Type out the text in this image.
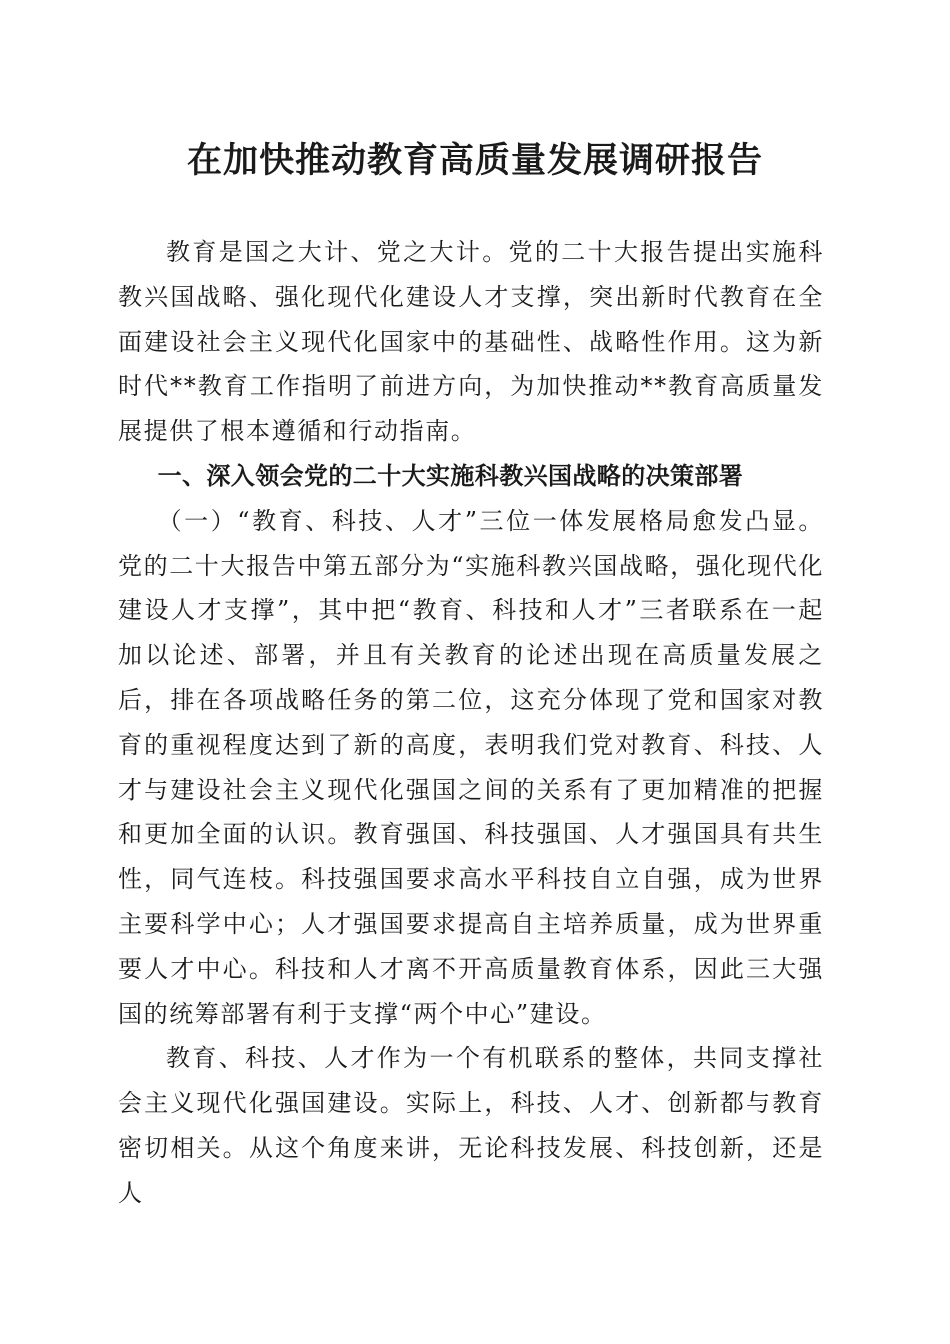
在加快推动教育高质量发展调研报告

教育是国之大计、党之大计。党的二十大报告提出实施科教兴国战略、强化现代化建设人才支撑，突出新时代教育在全面建设社会主义现代化国家中的基础性、战略性作用。这为新时代**教育工作指明了前进方向，为加快推动**教育高质量发展提供了根本遵循和行动指南。

一、深入领会党的二十大实施科教兴国战略的决策部署

（一）“教育、科技、人才”三位一体发展格局愈发凸显。党的二十大报告中第五部分为“实施科教兴国战略，强化现代化建设人才支撑”，其中把“教育、科技和人才”三者联系在一起加以论述、部署，并且有关教育的论述出现在高质量发展之后，排在各项战略任务的第二位，这充分体现了党和国家对教育的重视程度达到了新的高度，表明我们党对教育、科技、人才与建设社会主义现代化强国之间的关系有了更加精准的把握和更加全面的认识。教育强国、科技强国、人才强国具有共生性，同气连枝。科技强国要求高水平科技自立自强，成为世界主要科学中心；人才强国要求提高自主培养质量，成为世界重要人才中心。科技和人才离不开高质量教育体系，因此三大强国的统筹部署有利于支撑“两个中心”建设。

教育、科技、人才作为一个有机联系的整体，共同支撑社会主义现代化强国建设。实际上，科技、人才、创新都与教育密切相关。从这个角度来讲，无论科技发展、科技创新，还是人
